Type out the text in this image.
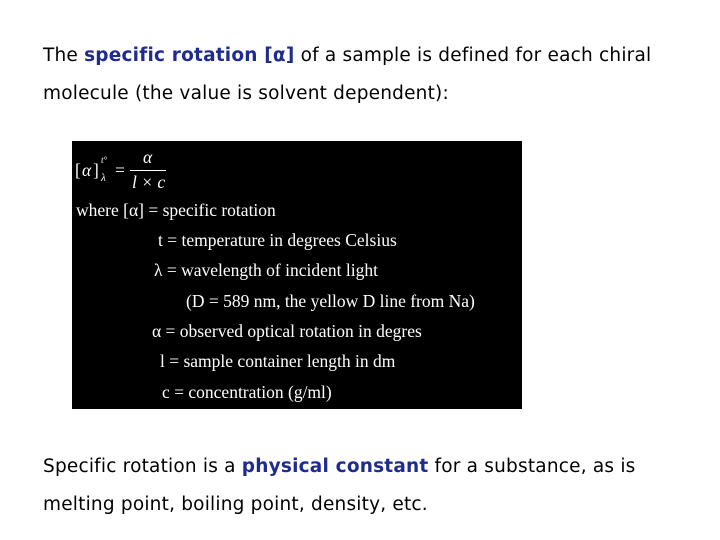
The specific rotation [α] of a sample is defined for each chiral molecule (the value is solvent dependent):
[ α ] t°
λ =
α
l × c
where [α] = specific rotation
t = temperature in degrees Celsius
λ = wavelength of incident light
(D = 589 nm, the yellow D line from Na)
α = observed optical rotation in degres
l = sample container length in dm
c = concentration (g/ml)
Specific rotation is a physical constant for a substance, as is melting point, boiling point, density, etc.
